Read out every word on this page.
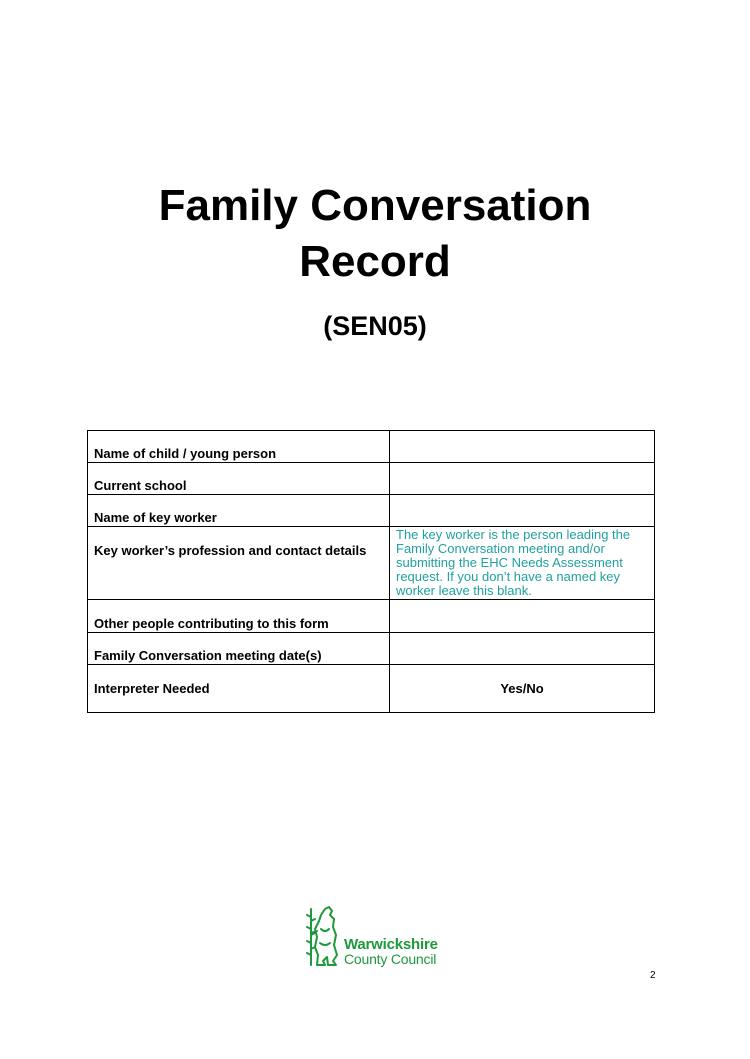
Family Conversation
Record
(SEN05)
Name of child / young person	
Current school	
Name of key worker	
Key worker’s profession and contact details	The key worker is the person leading the Family Conversation meeting and/or submitting the EHC Needs Assessment request. If you don’t have a named key worker leave this blank.
Other people contributing to this form	
Family Conversation meeting date(s)	
Interpreter Needed	Yes/No
Warwickshire
County Council
2
